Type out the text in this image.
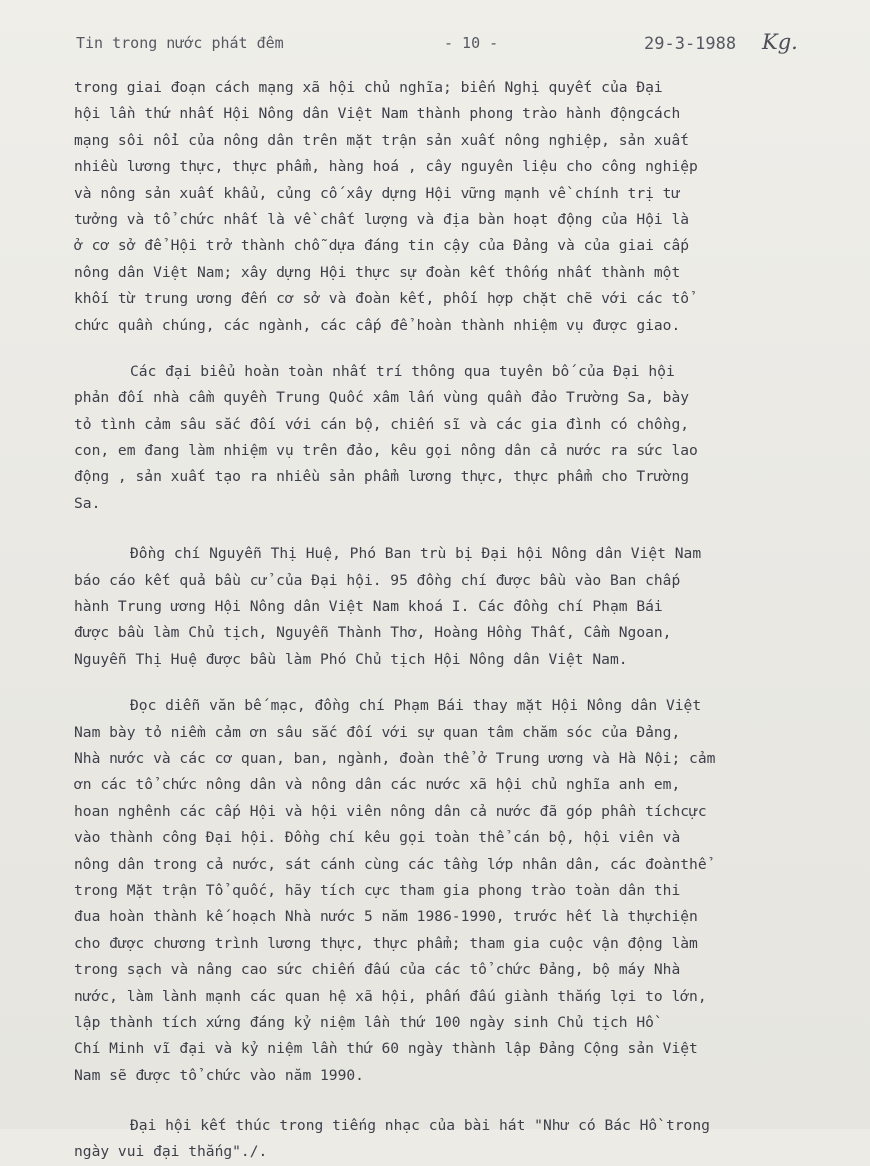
Tin trong nước phát đêm	- 10 -	29-3-1988 Kg.
trong giai đoạn cách mạng xã hội chủ nghĩa; biến Nghị quyết của Đại
hội lần thứ nhất Hội Nông dân Việt Nam thành phong trào hành độngcách
mạng sôi nổi của nông dân trên mặt trận sản xuất nông nghiệp, sản xuất
nhiều lương thực, thực phẩm, hàng hoá , cây nguyên liệu cho công nghiệp
và nông sản xuất khẩu, củng cố xây dựng Hội vững mạnh về chính trị tư
tưởng và tổ chức nhất là về chất lượng và địa bàn hoạt động của Hội là
ở cơ sở để Hội trở thành chỗ dựa đáng tin cậy của Đảng và của giai cấp
nông dân Việt Nam; xây dựng Hội thực sự đoàn kết thống nhất thành một
khối từ trung ương đến cơ sở và đoàn kết, phối hợp chặt chẽ với các tổ
chức quần chúng, các ngành, các cấp để hoàn thành nhiệm vụ được giao.
Các đại biểu hoàn toàn nhất trí thông qua tuyên bố của Đại hội
phản đối nhà cầm quyền Trung Quốc xâm lấn vùng quần đảo Trường Sa, bày
tỏ tình cảm sâu sắc đối với cán bộ, chiến sĩ và các gia đình có chồng,
con, em đang làm nhiệm vụ trên đảo, kêu gọi nông dân cả nước ra sức lao
động , sản xuất tạo ra nhiều sản phẩm lương thực, thực phẩm cho Trường
Sa.
Đồng chí Nguyễn Thị Huệ, Phó Ban trù bị Đại hội Nông dân Việt Nam
báo cáo kết quả bầu cử của Đại hội. 95 đồng chí được bầu vào Ban chấp
hành Trung ương Hội Nông dân Việt Nam khoá I. Các đồng chí Phạm Bái
được bầu làm Chủ tịch, Nguyễn Thành Thơ, Hoàng Hồng Thất, Cầm Ngoan,
Nguyễn Thị Huệ được bầu làm Phó Chủ tịch Hội Nông dân Việt Nam.
Đọc diễn văn bế mạc, đồng chí Phạm Bái thay mặt Hội Nông dân Việt
Nam bày tỏ niềm cảm ơn sâu sắc đối với sự quan tâm chăm sóc của Đảng,
Nhà nước và các cơ quan, ban, ngành, đoàn thể ở Trung ương và Hà Nội; cảm
ơn các tổ chức nông dân và nông dân các nước xã hội chủ nghĩa anh em,
hoan nghênh các cấp Hội và hội viên nông dân cả nước đã góp phần tíchcực
vào thành công Đại hội. Đồng chí kêu gọi toàn thể cán bộ, hội viên và
nông dân trong cả nước, sát cánh cùng các tầng lớp nhân dân, các đoànthể
trong Mặt trận Tổ quốc, hãy tích cực tham gia phong trào toàn dân thi
đua hoàn thành kế hoạch Nhà nước 5 năm 1986-1990, trước hết là thựchiện
cho được chương trình lương thực, thực phẩm; tham gia cuộc vận động làm
trong sạch và nâng cao sức chiến đấu của các tổ chức Đảng, bộ máy Nhà
nước, làm lành mạnh các quan hệ xã hội, phấn đấu giành thắng lợi to lớn,
lập thành tích xứng đáng kỷ niệm lần thứ 100 ngày sinh Chủ tịch Hồ
Chí Minh vĩ đại và kỷ niệm lần thứ 60 ngày thành lập Đảng Cộng sản Việt
Nam sẽ được tổ chức vào năm 1990.
Đại hội kết thúc trong tiếng nhạc của bài hát "Như có Bác Hồ trong
ngày vui đại thắng"./.
